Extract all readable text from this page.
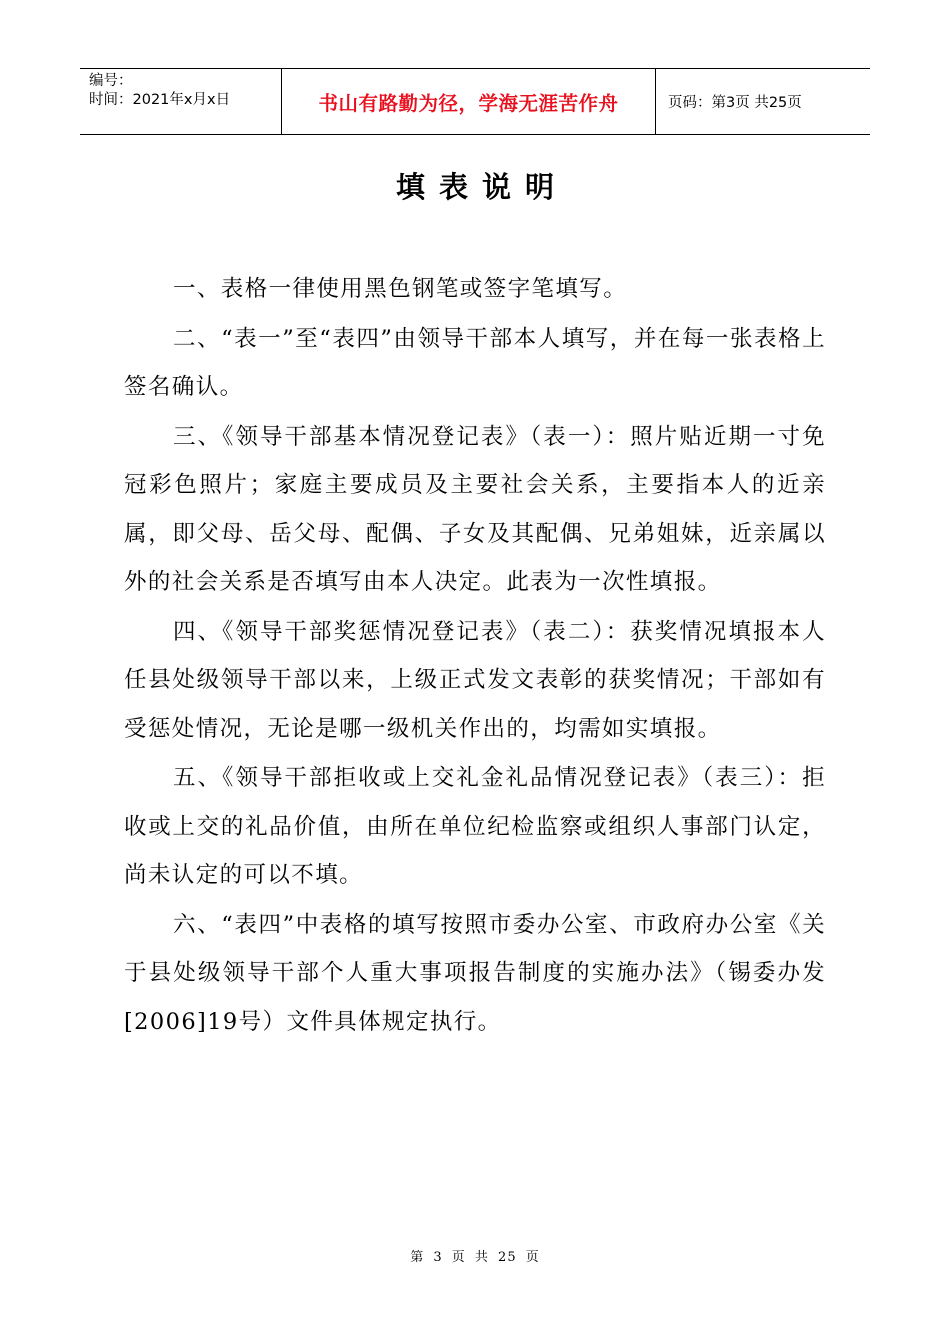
编号：
时间：2021年x月x日	书山有路勤为径，学海无涯苦作舟	页码：第3页 共25页
填表说明

一、表格一律使用黑色钢笔或签字笔填写。

二、“表一”至“表四”由领导干部本人填写，并在每一张表格上签名确认。

三、《领导干部基本情况登记表》（表一）：照片贴近期一寸免冠彩色照片；家庭主要成员及主要社会关系，主要指本人的近亲属，即父母、岳父母、配偶、子女及其配偶、兄弟姐妹，近亲属以外的社会关系是否填写由本人决定。此表为一次性填报。

四、《领导干部奖惩情况登记表》（表二）：获奖情况填报本人任县处级领导干部以来，上级正式发文表彰的获奖情况；干部如有受惩处情况，无论是哪一级机关作出的，均需如实填报。

五、《领导干部拒收或上交礼金礼品情况登记表》（表三）：拒收或上交的礼品价值，由所在单位纪检监察或组织人事部门认定，尚未认定的可以不填。

六、“表四”中表格的填写按照市委办公室、市政府办公室《关于县处级领导干部个人重大事项报告制度的实施办法》（锡委办发[2006]19号）文件具体规定执行。

第 3 页 共 25 页
